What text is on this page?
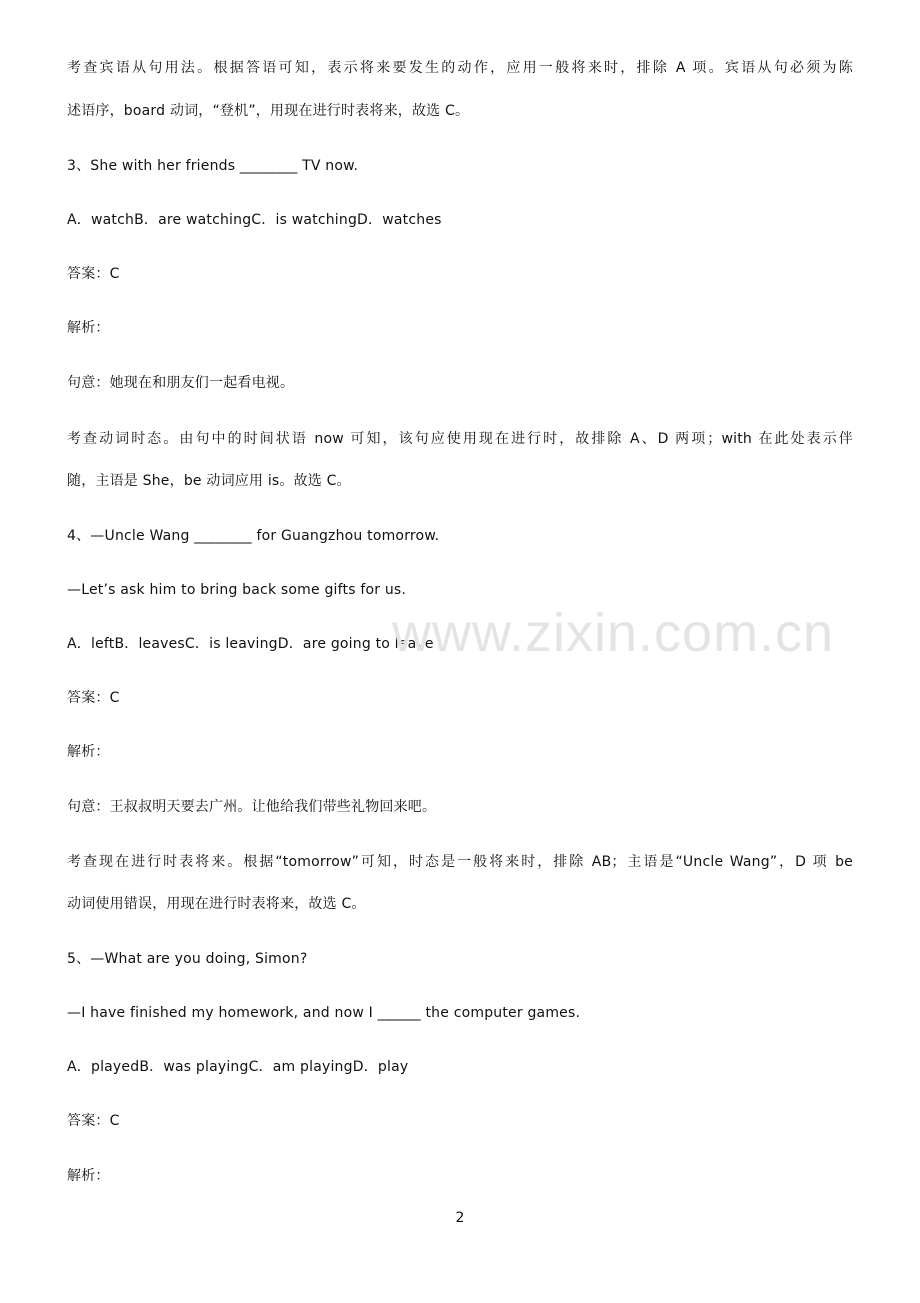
考查宾语从句用法。根据答语可知，表示将来要发生的动作，应用一般将来时，排除 A 项。宾语从句必须为陈
述语序，board 动词，“登机”，用现在进行时表将来，故选 C。
3、She with her friends ________ TV now.
A．watchB．are watchingC．is watchingD．watches
答案：C
解析：
句意：她现在和朋友们一起看电视。
考查动词时态。由句中的时间状语 now 可知，该句应使用现在进行时，故排除 A、D 两项；with 在此处表示伴
随，主语是 She，be 动词应用 is。故选 C。
4、—Uncle Wang ________ for Guangzhou tomorrow.
—Let’s ask him to bring back some gifts for us.
A．leftB．leavesC．is leavingD．are going to leave
答案：C
解析：
句意：王叔叔明天要去广州。让他给我们带些礼物回来吧。
考查现在进行时表将来。根据“tomorrow”可知，时态是一般将来时，排除 AB；主语是“Uncle Wang”，D 项 be
动词使用错误，用现在进行时表将来，故选 C。
5、—What are you doing, Simon?
—I have finished my homework, and now I ______ the computer games.
A．playedB．was playingC．am playingD．play
答案：C
解析：
www.zixin.com.cn
2
